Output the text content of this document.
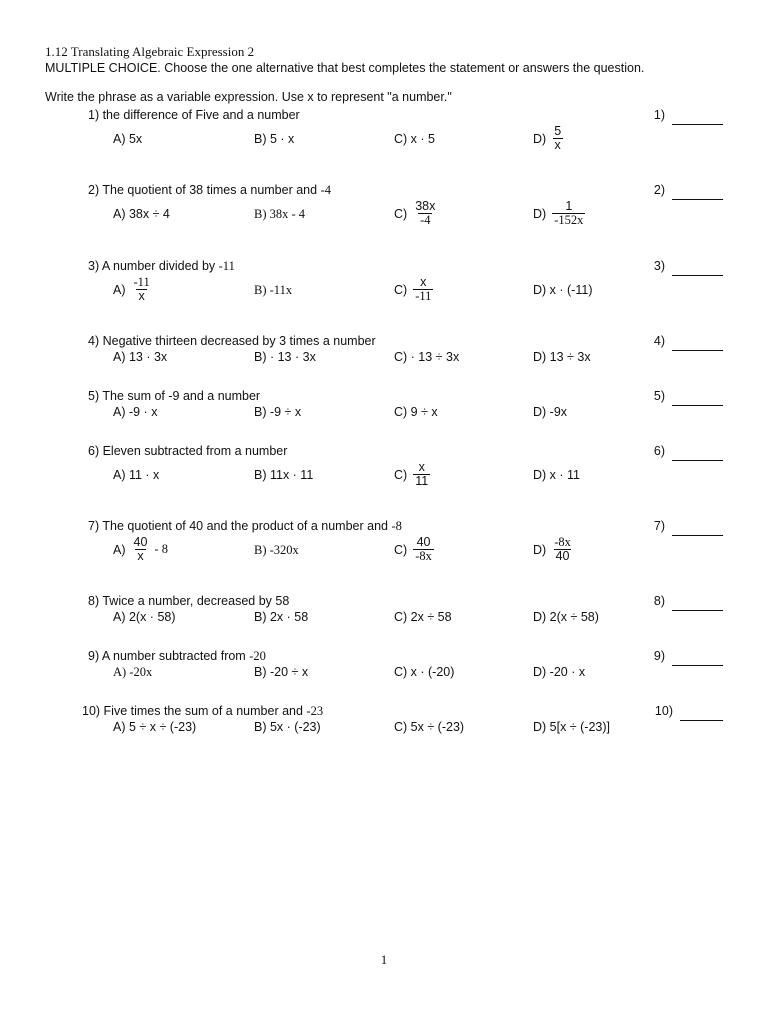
1.12 Translating Algebraic Expression 2
MULTIPLE CHOICE. Choose the one alternative that best completes the statement or answers the question.
Write the phrase as a variable expression. Use x to represent "a number."
1) the difference of Five and a number	1)
A) 5x	B) 5 · x	C) x · 5	$D) \frac{5}{x}$
2) The quotient of 38 times a number and -4	2)
A) 38x ÷ 4	B) 38x - 4	$C) \frac{38x}{-4}$	$D) \frac{1}{-152x}$
3) A number divided by -11	3)
$A) \frac{-11}{x}$	B) -11x	$C) \frac{x}{-11}$	D) x · (-11)
4) Negative thirteen decreased by 3 times a number	4)
A) 13 · 3x	B) · 13 · 3x	C) · 13 ÷ 3x	D) 13 ÷ 3x
5) The sum of -9 and a number	5)
A) -9 · x	B) -9 ÷ x	C) 9 ÷ x	D) -9x
6) Eleven subtracted from a number	6)
A) 11 · x	B) 11x · 11	$C) \frac{x}{11}$	D) x · 11
7) The quotient of 40 and the product of a number and -8	7)
$A) \frac{40}{x} - 8$	B) -320x	$C) \frac{40}{-8x}$	$D) \frac{-8x}{40}$
8) Twice a number, decreased by 58	8)
A) 2(x · 58)	B) 2x · 58	C) 2x ÷ 58	D) 2(x ÷ 58)
9) A number subtracted from -20	9)
A) -20x	B) -20 ÷ x	C) x · (-20)	D) -20 · x
10) Five times the sum of a number and -23	10)
A) 5 ÷ x ÷ (-23)	B) 5x · (-23)	C) 5x ÷ (-23)	D) 5[x ÷ (-23)]
1
